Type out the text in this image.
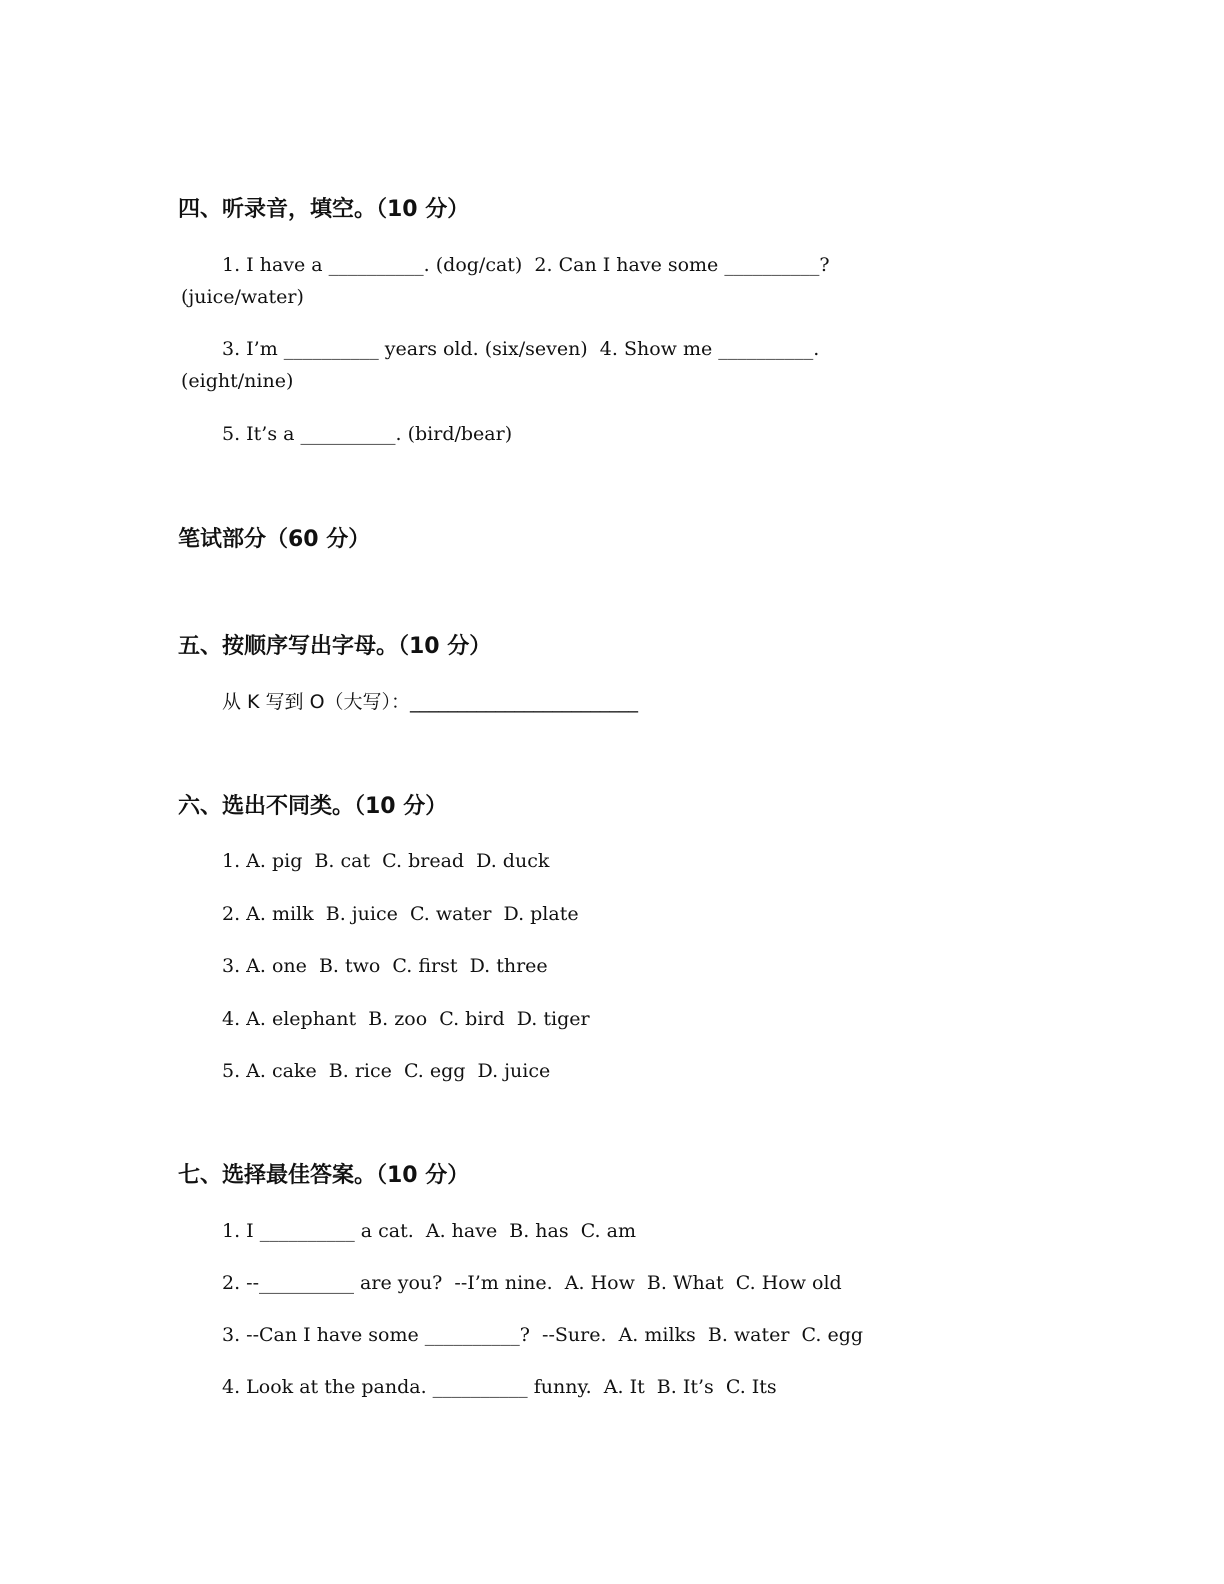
四、听录音，填空。（10 分）
1. I have a __________. (dog/cat)  2. Can I have some __________?
(juice/water)
3. I’m __________ years old. (six/seven)  4. Show me __________.
(eight/nine)
5. It’s a __________. (bird/bear)
笔试部分（60 分）
五、按顺序写出字母。（10 分）
从 K 写到 O（大写）：________________________
六、选出不同类。（10 分）
1. A. pig  B. cat  C. bread  D. duck
2. A. milk  B. juice  C. water  D. plate
3. A. one  B. two  C. first  D. three
4. A. elephant  B. zoo  C. bird  D. tiger
5. A. cake  B. rice  C. egg  D. juice
七、选择最佳答案。（10 分）
1. I __________ a cat.  A. have  B. has  C. am
2. --__________ are you?  --I’m nine.  A. How  B. What  C. How old
3. --Can I have some __________?  --Sure.  A. milks  B. water  C. egg
4. Look at the panda. __________ funny.  A. It  B. It’s  C. Its
